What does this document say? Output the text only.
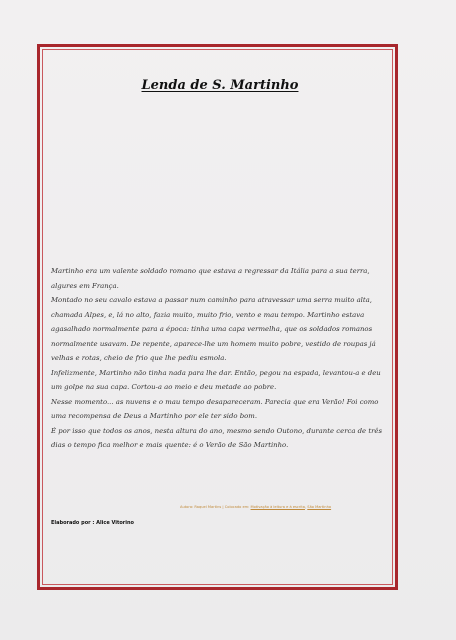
Lenda de S. Martinho

Martinho era um valente soldado romano que estava a regressar da Itália para a sua terra, algures em França.

Montado no seu cavalo estava a passar num caminho para atravessar uma serra muito alta, chamada Alpes, e, lá no alto, fazia muito, muito frio, vento e mau tempo. Martinho estava agasalhado normalmente para a época: tinha uma capa vermelha, que os soldados romanos normalmente usavam. De repente, aparece-lhe um homem muito pobre, vestido de roupas já velhas e rotas, cheio de frio que lhe pediu esmola.

Infelizmente, Martinho não tinha nada para lhe dar. Então, pegou na espada, levantou-a e deu um golpe na sua capa. Cortou-a ao meio e deu metade ao pobre.

Nesse momento... as nuvens e o mau tempo desapareceram. Parecia que era Verão! Foi como uma recompensa de Deus a Martinho por ele ter sido bom.

É por isso que todos os anos, nesta altura do ano, mesmo sendo Outono, durante cerca de três dias o tempo fica melhor e mais quente: é o Verão de São Martinho.

Autora: Raquel Martins | Colocado em: Motivação à leitura e à escrita, São Martinho
Elaborado por : Alice Vitorino
